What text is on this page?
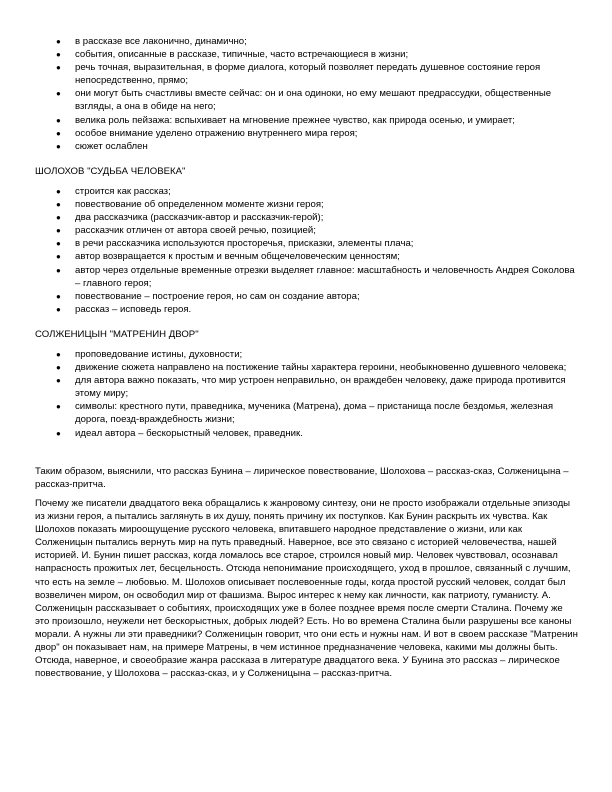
● в рассказе все лаконично, динамично;
● события, описанные в рассказе, типичные, часто встречающиеся в жизни;
● речь точная, выразительная, в форме диалога, который позволяет передать душевное состояние героя непосредственно, прямо;
● они могут быть счастливы вместе сейчас: он и она одиноки, но ему мешают предрассудки, общественные взгляды, а она в обиде на него;
● велика роль пейзажа: вспыхивает на мгновение прежнее чувство, как природа осенью, и умирает;
● особое внимание уделено отражению внутреннего мира героя;
● сюжет ослаблен

ШОЛОХОВ "СУДЬБА ЧЕЛОВЕКА"

● строится как рассказ;
● повествование об определенном моменте жизни героя;
● два рассказчика (рассказчик-автор и рассказчик-герой);
● рассказчик отличен от автора своей речью, позицией;
● в речи рассказчика используются просторечья, присказки, элементы плача;
● автор возвращается к простым и вечным общечеловеческим ценностям;
● автор через отдельные временные отрезки выделяет главное: масштабность и человечность Андрея Соколова – главного героя;
● повествование – построение героя, но сам он создание автора;
● рассказ – исповедь героя.

СОЛЖЕНИЦЫН "МАТРЕНИН ДВОР"

● проповедование истины, духовности;
● движение сюжета направлено на постижение тайны характера героини, необыкновенно душевного человека;
● для автора важно показать, что мир устроен неправильно, он враждебен человеку, даже природа противится этому миру;
● символы: крестного пути, праведника, мученика (Матрена), дома – пристанища после бездомья, железная дорога, поезд-враждебность жизни;
● идеал автора – бескорыстный человек, праведник.

Таким образом, выяснили, что рассказ Бунина – лирическое повествование, Шолохова – рассказ-сказ, Солженицына – рассказ-притча.

Почему же писатели двадцатого века обращались к жанровому синтезу, они не просто изображали отдельные эпизоды из жизни героя, а пытались заглянуть в их душу, понять причину их поступков. Как Бунин раскрыть их чувства. Как Шолохов показать мироощущение русского человека, впитавшего народное представление о жизни, или как Солженицын пытались вернуть мир на путь праведный. Наверное, все это связано с историей человечества, нашей историей. И. Бунин пишет рассказ, когда ломалось все старое, строился новый мир. Человек чувствовал, осознавал напрасность прожитых лет, бесцельность. Отсюда непонимание происходящего, уход в прошлое, связанный с лучшим, что есть на земле – любовью. М. Шолохов описывает послевоенные годы, когда простой русский человек, солдат был возвеличен миром, он освободил мир от фашизма. Вырос интерес к нему как личности, как патриоту, гуманисту. А. Солженицын рассказывает о событиях, происходящих уже в более позднее время после смерти Сталина. Почему же это произошло, неужели нет бескорыстных, добрых людей? Есть. Но во времена Сталина были разрушены все каноны морали. А нужны ли эти праведники? Солженицын говорит, что они есть и нужны нам. И вот в своем рассказе "Матренин двор" он показывает нам, на примере Матрены, в чем истинное предназначение человека, какими мы должны быть. Отсюда, наверное, и своеобразие жанра рассказа в литературе двадцатого века. У Бунина это рассказ – лирическое повествование, у Шолохова – рассказ-сказ, и у Солженицына – рассказ-притча.
